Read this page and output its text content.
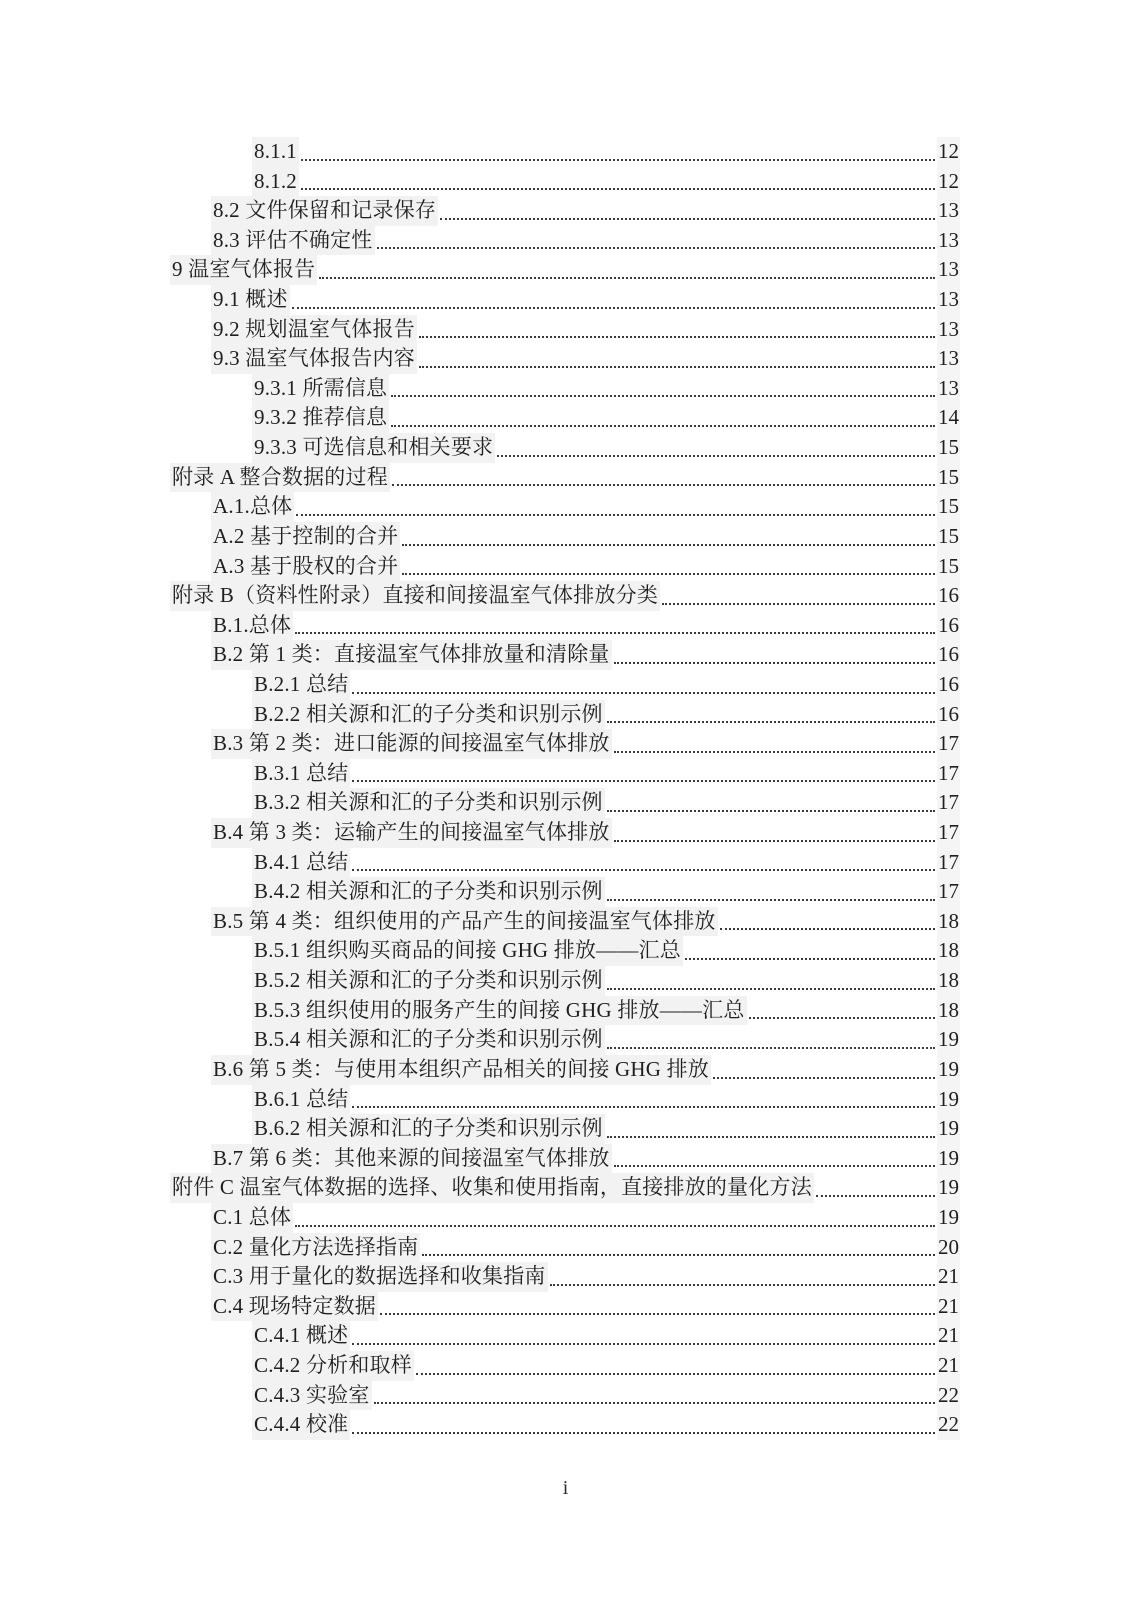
8.1.1	12
8.1.2	12
8.2 文件保留和记录保存	13
8.3 评估不确定性	13
9 温室气体报告	13
9.1 概述	13
9.2 规划温室气体报告	13
9.3 温室气体报告内容	13
9.3.1 所需信息	13
9.3.2 推荐信息	14
9.3.3 可选信息和相关要求	15
附录 A 整合数据的过程	15
A.1.总体	15
A.2 基于控制的合并	15
A.3 基于股权的合并	15
附录 B（资料性附录）直接和间接温室气体排放分类	16
B.1.总体	16
B.2 第 1 类：直接温室气体排放量和清除量	16
B.2.1 总结	16
B.2.2 相关源和汇的子分类和识别示例	16
B.3 第 2 类：进口能源的间接温室气体排放	17
B.3.1 总结	17
B.3.2 相关源和汇的子分类和识别示例	17
B.4 第 3 类：运输产生的间接温室气体排放	17
B.4.1 总结	17
B.4.2 相关源和汇的子分类和识别示例	17
B.5 第 4 类：组织使用的产品产生的间接温室气体排放	18
B.5.1 组织购买商品的间接 GHG 排放——汇总	18
B.5.2 相关源和汇的子分类和识别示例	18
B.5.3 组织使用的服务产生的间接 GHG 排放——汇总	18
B.5.4 相关源和汇的子分类和识别示例	19
B.6 第 5 类：与使用本组织产品相关的间接 GHG 排放	19
B.6.1 总结	19
B.6.2 相关源和汇的子分类和识别示例	19
B.7 第 6 类：其他来源的间接温室气体排放	19
附件 C 温室气体数据的选择、收集和使用指南，直接排放的量化方法	19
C.1 总体	19
C.2 量化方法选择指南	20
C.3 用于量化的数据选择和收集指南	21
C.4 现场特定数据	21
C.4.1 概述	21
C.4.2 分析和取样	21
C.4.3 实验室	22
C.4.4 校准	22
i
